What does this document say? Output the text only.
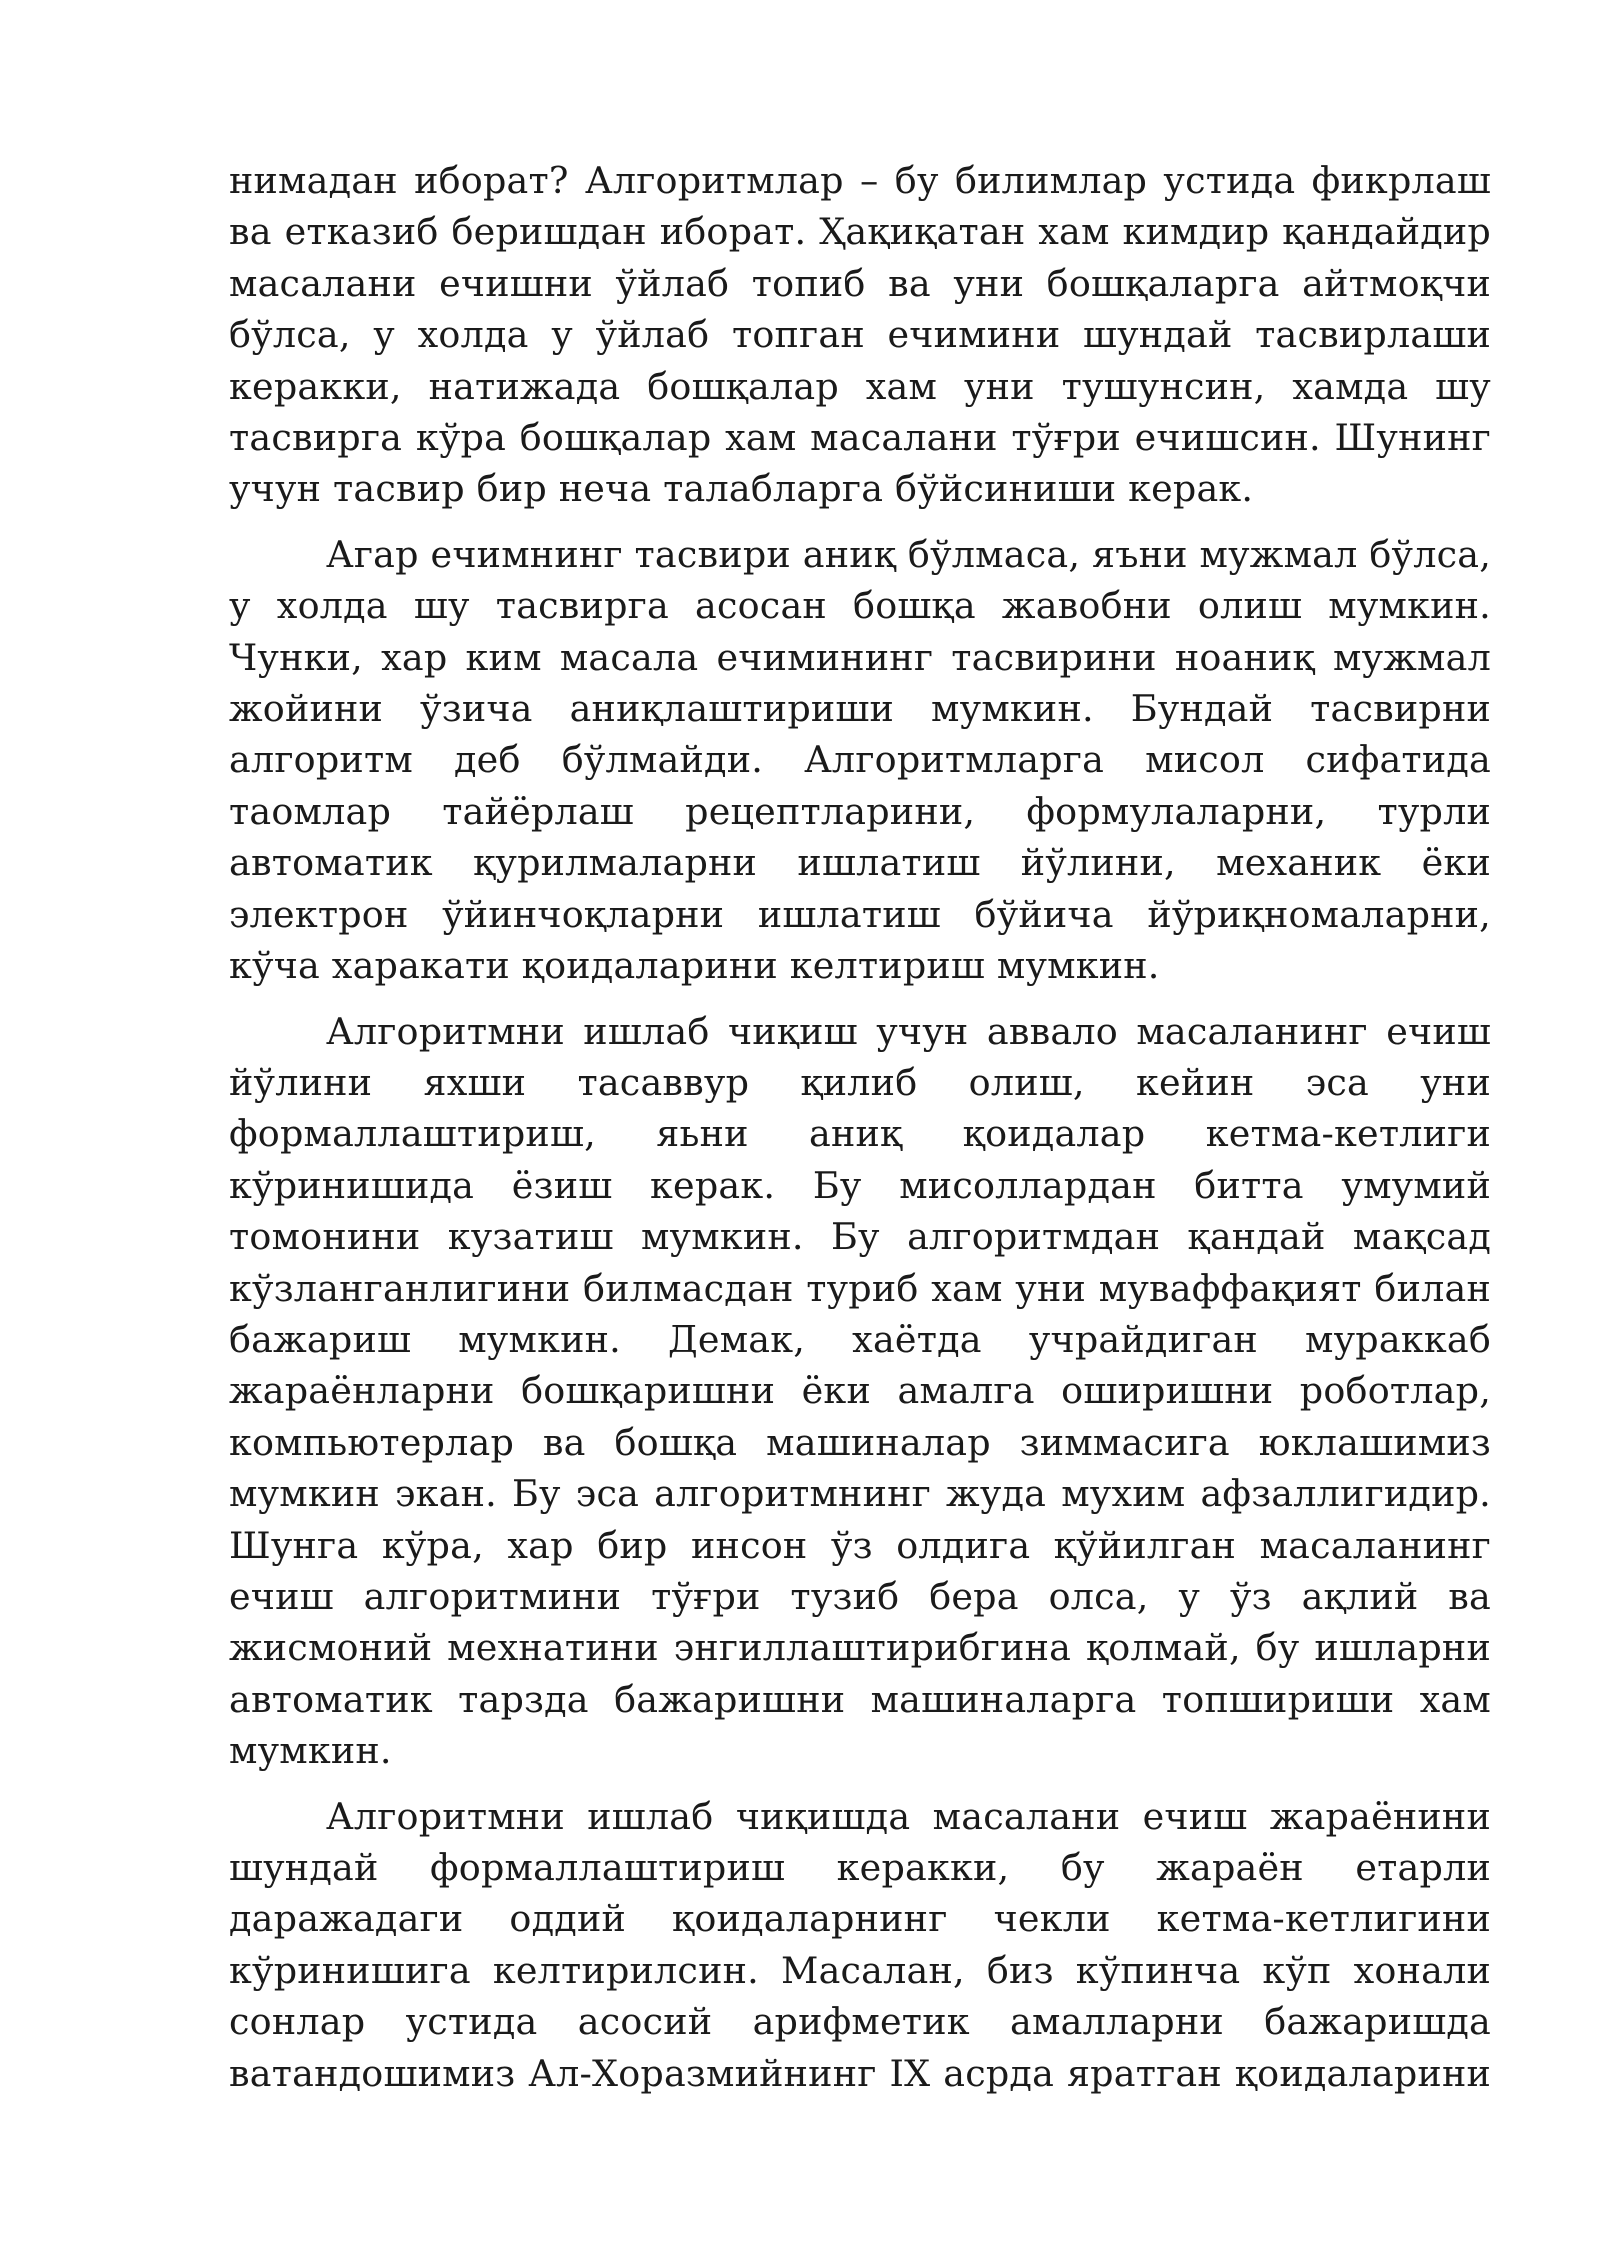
нимадан иборат? Алгоритмлар – бу билимлар устида фикрлаш ва етказиб беришдан иборат. Ҳақиқатан хам кимдир қандайдир масалани ечишни ўйлаб топиб ва уни бошқаларга айтмоқчи бўлса, у холда у ўйлаб топган ечимини шундай тасвирлаши керакки, натижада бошқалар хам уни тушунсин, хамда шу тасвирга кўра бошқалар хам масалани тўғри ечишсин. Шунинг учун тасвир бир неча талабларга бўйсиниши керак.

Агар ечимнинг тасвири аниқ бўлмаса, яъни мужмал бўлса, у холда шу тасвирга асосан бошқа жавобни олиш мумкин. Чунки, хар ким масала ечимининг тасвирини ноаниқ мужмал жойини ўзича аниқлаштириши мумкин. Бундай тасвирни алгоритм деб бўлмайди. Алгоритмларга мисол сифатида таомлар тайёрлаш рецептларини, формулаларни, турли автоматик қурилмаларни ишлатиш йўлини, механик ёки электрон ўйинчоқларни ишлатиш бўйича йўриқномаларни, кўча харакати қоидаларини келтириш мумкин.

Алгоритмни ишлаб чиқиш учун аввало масаланинг ечиш йўлини яхши тасаввур қилиб олиш, кейин эса уни формаллаштириш, яьни аниқ қоидалар кетма-кетлиги кўринишида ёзиш керак. Бу мисоллардан битта умумий томонини кузатиш мумкин. Бу алгоритмдан қандай мақсад кўзланганлигини билмасдан туриб хам уни муваффақият билан бажариш мумкин. Демак, хаётда учрайдиган мураккаб жараёнларни бошқаришни ёки амалга оширишни роботлар, компьютерлар ва бошқа машиналар зиммасига юклашимиз мумкин экан. Бу эса алгоритмнинг жуда мухим афзаллигидир. Шунга кўра, хар бир инсон ўз олдига қўйилган масаланинг ечиш алгоритмини тўғри тузиб бера олса, у ўз ақлий ва жисмоний мехнатини энгиллаштирибгина қолмай, бу ишларни автоматик тарзда бажаришни машиналарга топшириши хам мумкин.

Алгоритмни ишлаб чиқишда масалани ечиш жараёнини шундай формаллаштириш керакки, бу жараён етарли даражадаги оддий қоидаларнинг чекли кетма-кетлигини кўринишига келтирилсин. Масалан, биз кўпинча кўп хонали сонлар устида асосий арифметик амалларни бажаришда ватандошимиз Ал-Хоразмийнинг IX асрда яратган қоидаларини
